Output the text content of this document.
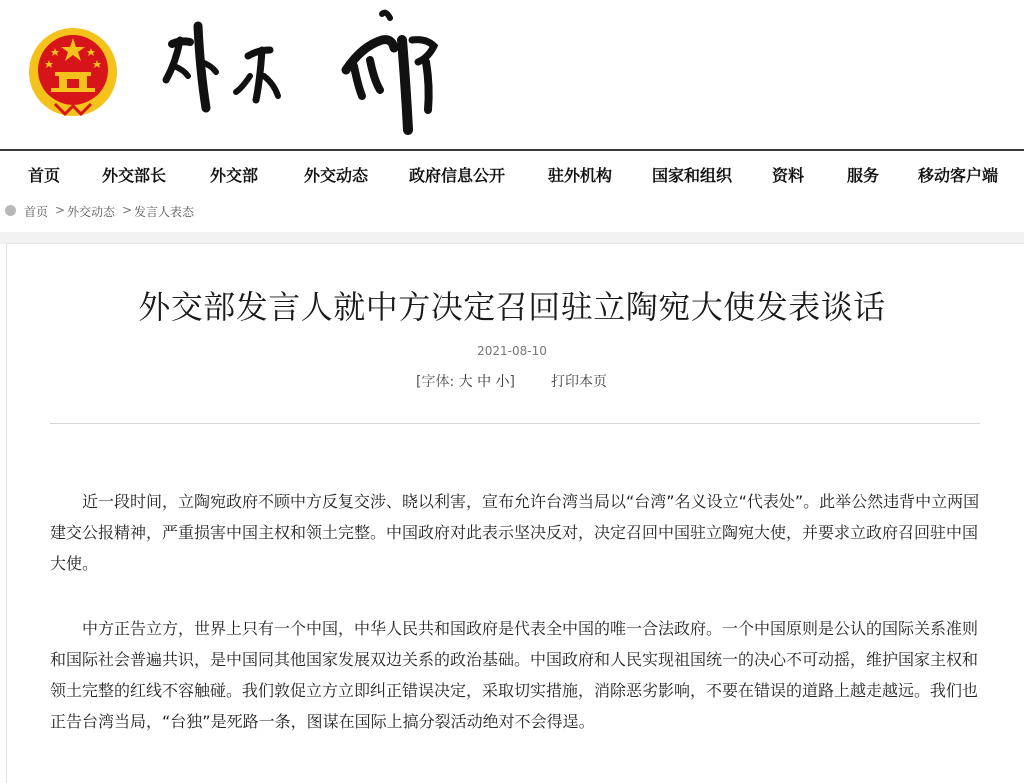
首页	外交部长	外交部	外交动态	政府信息公开	驻外机构 国家和组织 资料	服务 移动客户端
首页 > 外交动态 > 发言人表态
外交部发言人就中方决定召回驻立陶宛大使发表谈话
2021-08-10
[字体: 大 中 小]	打印本页

近一段时间，立陶宛政府不顾中方反复交涉、晓以利害，宣布允许台湾当局以“台湾”名义设立“代表处”。此举公然违背中立两国建交公报精神，严重损害中国主权和领土完整。中国政府对此表示坚决反对，决定召回中国驻立陶宛大使，并要求立政府召回驻中国大使。

中方正告立方，世界上只有一个中国，中华人民共和国政府是代表全中国的唯一合法政府。一个中国原则是公认的国际关系准则和国际社会普遍共识，是中国同其他国家发展双边关系的政治基础。中国政府和人民实现祖国统一的决心不可动摇，维护国家主权和领土完整的红线不容触碰。我们敦促立方立即纠正错误决定，采取切实措施，消除恶劣影响，不要在错误的道路上越走越远。我们也正告台湾当局，“台独”是死路一条，图谋在国际上搞分裂活动绝对不会得逞。
